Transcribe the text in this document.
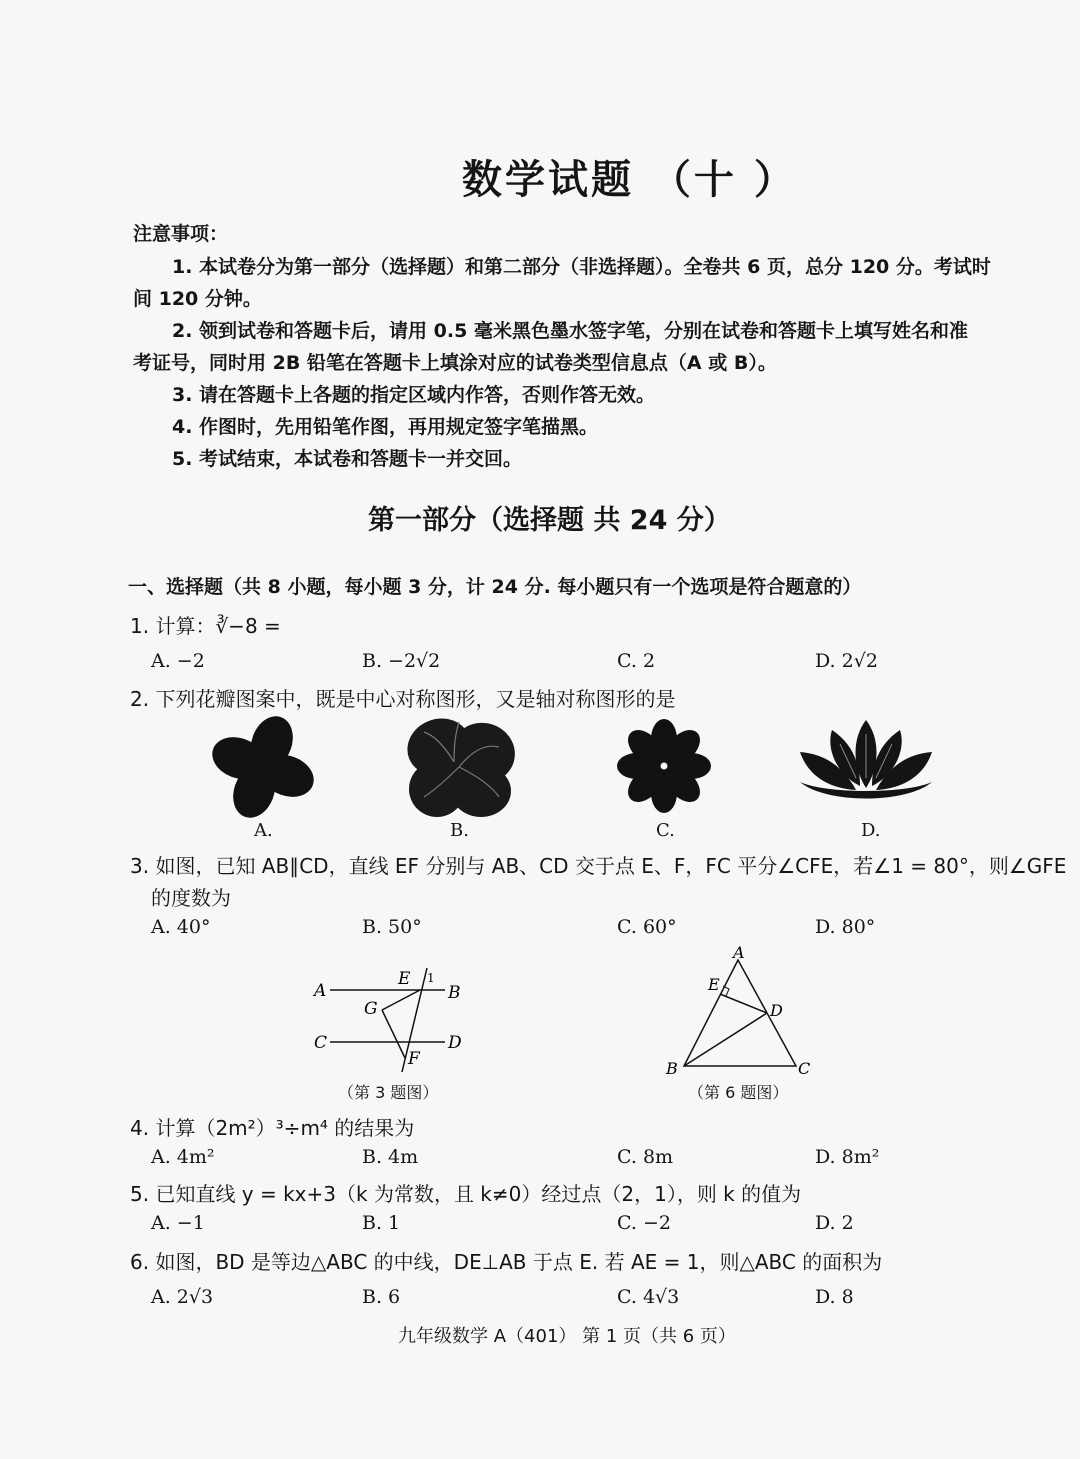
数学试题 （十 ）
注意事项：
1. 本试卷分为第一部分（选择题）和第二部分（非选择题）。全卷共 6 页，总分 120 分。考试时
间 120 分钟。
2. 领到试卷和答题卡后，请用 0.5 毫米黑色墨水签字笔，分别在试卷和答题卡上填写姓名和准
考证号，同时用 2B 铅笔在答题卡上填涂对应的试卷类型信息点（A 或 B）。
3. 请在答题卡上各题的指定区域内作答，否则作答无效。
4. 作图时，先用铅笔作图，再用规定签字笔描黑。
5. 考试结束，本试卷和答题卡一并交回。
第一部分（选择题 共 24 分）
一、选择题（共 8 小题，每小题 3 分，计 24 分. 每小题只有一个选项是符合题意的）
1. 计算：∛−8 =
A. −2	B. −2√2	C. 2	D. 2√2
2. 下列花瓣图案中，既是中心对称图形，又是轴对称图形的是
A.	B.	C.	D.
3. 如图，已知 AB∥CD，直线 EF 分别与 AB、CD 交于点 E、F，FC 平分∠CFE，若∠1 = 80°，则∠GFE
的度数为
A. 40°	B. 50°	C. 60°	D. 80°
A	B
C	D
E
F
G
1
（第 3 题图）
A
B	C
D
E
（第 6 题图）
4. 计算（2m²）³÷m⁴ 的结果为
A. 4m²	B. 4m	C. 8m	D. 8m²
5. 已知直线 y = kx+3（k 为常数，且 k≠0）经过点（2，1），则 k 的值为
A. −1	B. 1	C. −2	D. 2
6. 如图，BD 是等边△ABC 的中线，DE⊥AB 于点 E. 若 AE = 1，则△ABC 的面积为
A. 2√3	B. 6	C. 4√3	D. 8
九年级数学 A（401） 第 1 页（共 6 页）
